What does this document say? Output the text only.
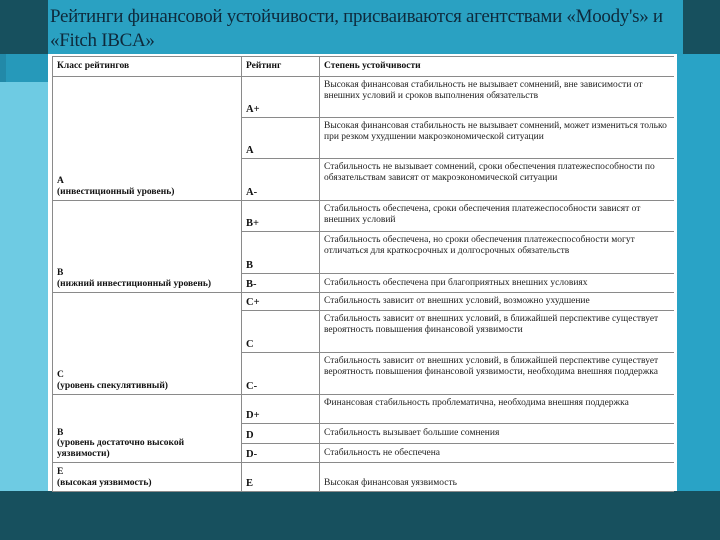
Рейтинги финансовой устойчивости, присваиваются агентствами «Moody's» и «Fitch IBCA»
Класс рейтингов	Рейтинг	Степень устойчивости

A
(инвестиционный уровень)	A+	Высокая финансовая стабильность не вызывает сомнений, вне зависимости от внешних условий и сроков выполнения обязательств
	A	Высокая финансовая стабильность не вызывает сомнений, может измениться только при резком ухудшении макроэкономической ситуации
	A-	Стабильность не вызывает сомнений, сроки обеспечения платежеспособности по обязательствам зависят от макроэкономической ситуации

B
(нижний инвестиционный уровень)	B+	Стабильность обеспечена, сроки обеспечения платежеспособности зависят от внешних условий
	B	Стабильность обеспечена, но сроки обеспечения платежеспособности могут отличаться для краткосрочных и долгосрочных обязательств
	B-	Стабильность обеспечена при благоприятных внешних условиях

C
(уровень спекулятивный)	C+	Стабильность зависит от внешних условий, возможно ухудшение
	C	Стабильность зависит от внешних условий, в ближайшей перспективе существует вероятность повышения финансовой уязвимости
	C-	Стабильность зависит от внешних условий, в ближайшей перспективе существует вероятность повышения финансовой уязвимости, необходима внешняя поддержка

B
(уровень достаточно высокой уязвимости)	D+	Финансовая стабильность проблематична, необходима внешняя поддержка
	D	Стабильность вызывает большие сомнения
	D-	Стабильность не обеспечена

E
(высокая уязвимость)	E	Высокая финансовая уязвимость
